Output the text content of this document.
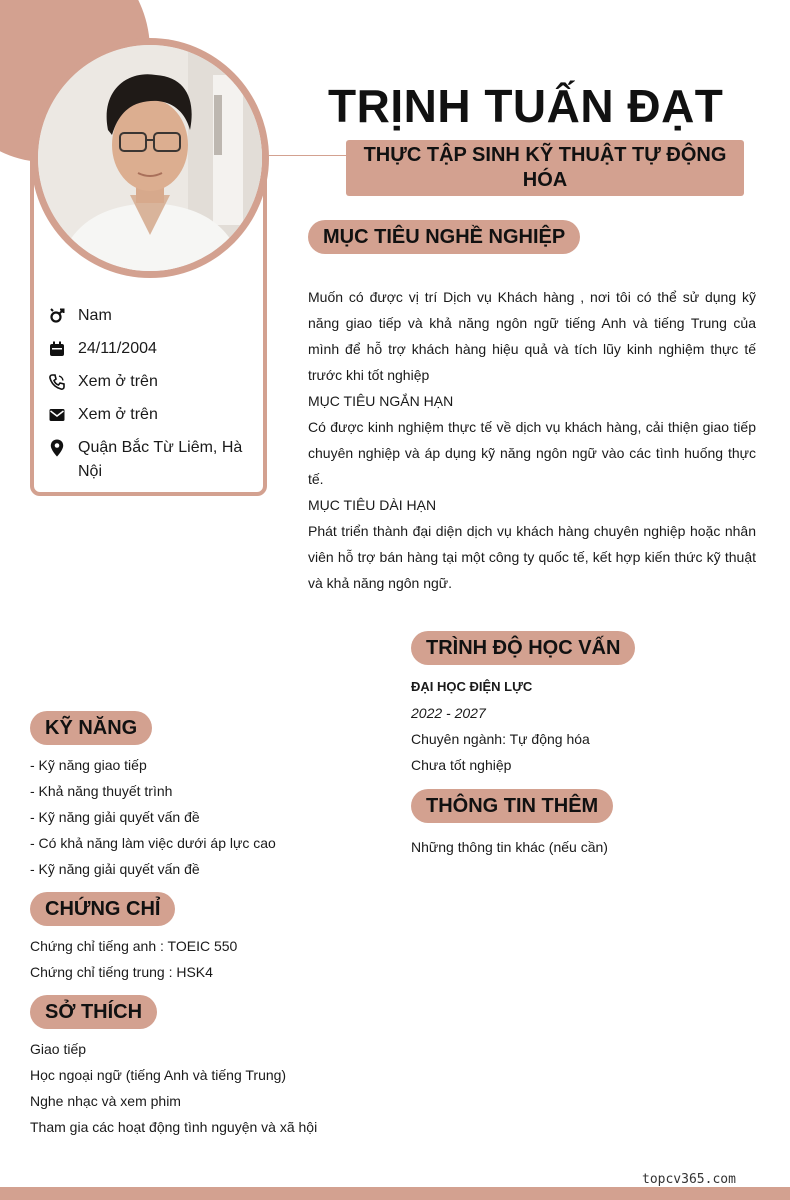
Nam
24/11/2004
Xem ở trên
Xem ở trên
Quận Bắc Từ Liêm, Hà Nội
TRỊNH TUẤN ĐẠT
THỰC TẬP SINH KỸ THUẬT TỰ ĐỘNG HÓA
MỤC TIÊU NGHỀ NGHIỆP

Muốn có được vị trí Dịch vụ Khách hàng , nơi tôi có thể sử dụng kỹ năng giao tiếp và khả năng ngôn ngữ tiếng Anh và tiếng Trung của mình để hỗ trợ khách hàng hiệu quả và tích lũy kinh nghiệm thực tế trước khi tốt nghiệp

MỤC TIÊU NGẮN HẠN

Có được kinh nghiệm thực tế về dịch vụ khách hàng, cải thiện giao tiếp chuyên nghiệp và áp dụng kỹ năng ngôn ngữ vào các tình huống thực tế.

MỤC TIÊU DÀI HẠN

Phát triển thành đại diện dịch vụ khách hàng chuyên nghiệp hoặc nhân viên hỗ trợ bán hàng tại một công ty quốc tế, kết hợp kiến thức kỹ thuật và khả năng ngôn ngữ.

TRÌNH ĐỘ HỌC VẤN
ĐẠI HỌC ĐIỆN LỰC
2022 - 2027
Chuyên ngành: Tự động hóa
Chưa tốt nghiệp
THÔNG TIN THÊM
Những thông tin khác (nếu cần)
KỸ NĂNG
- Kỹ năng giao tiếp
- Khả năng thuyết trình
- Kỹ năng giải quyết vấn đề
- Có khả năng làm việc dưới áp lực cao
- Kỹ năng giải quyết vấn đề
CHỨNG CHỈ
Chứng chỉ tiếng anh : TOEIC 550
Chứng chỉ tiếng trung : HSK4
SỞ THÍCH
Giao tiếp
Học ngoại ngữ (tiếng Anh và tiếng Trung)
Nghe nhạc và xem phim
Tham gia các hoạt động tình nguyện và xã hội
topcv365.com
